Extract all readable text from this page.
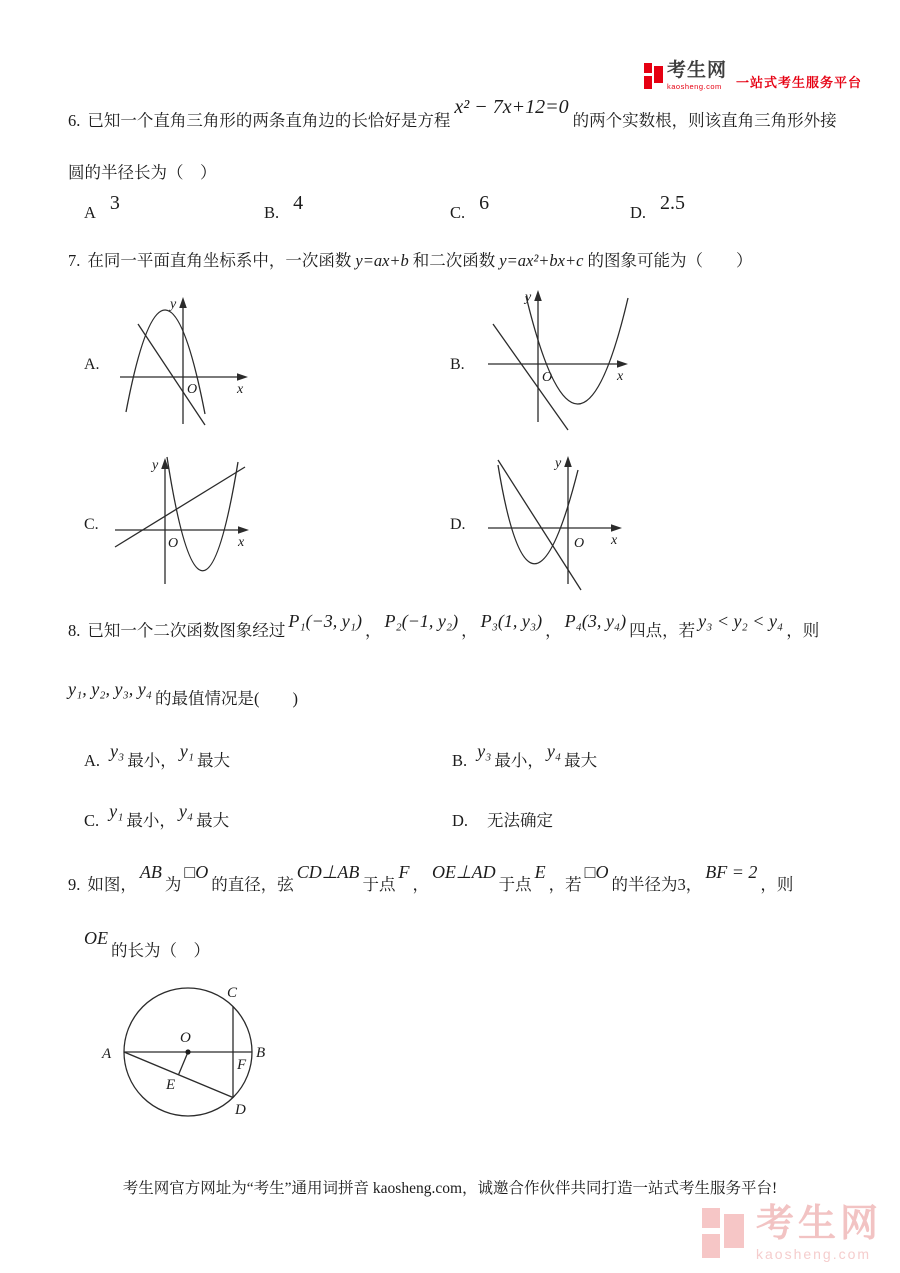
考生网
kaosheng.com	一站式考生服务平台
6. 已知一个直角三角形的两条直角边的长恰好是方程x² − 7x+12=0的两个实数根，则该直角三角形外接
圆的半径长为（　）
A 3	B. 4	C. 6	D. 2.5
7. 在同一平面直角坐标系中，一次函数 y=ax+b 和二次函数 y=ax²+bx+c 的图象可能为（　　）
A.
y
x
O
B.
y
x
O
C.
y
x
O
D.
y
x
O
8. 已知一个二次函数图象经过 P₁(−3, y₁) ， P₂(−1, y₂) ， P₃(1, y₃) ， P₄(3, y₄) 四点，若 y₃ < y₂ < y₄ ，则
y₁, y₂, y₃, y₄ 的最值情况是(　　)
A. y₃ 最小， y₁ 最大	B. y₃ 最小， y₄ 最大
C. y₁ 最小， y₄ 最大	D. 无法确定
9. 如图，AB为□O的直径，弦CD⊥AB于点F，OE⊥AD于点E，若□O的半径为3，BF = 2，则
OE的长为（　）
A	B
C
D
E
F
O
考生网官方网址为“考生”通用词拼音 kaosheng.com，诚邀合作伙伴共同打造一站式考生服务平台!
考生网
kaosheng.com
